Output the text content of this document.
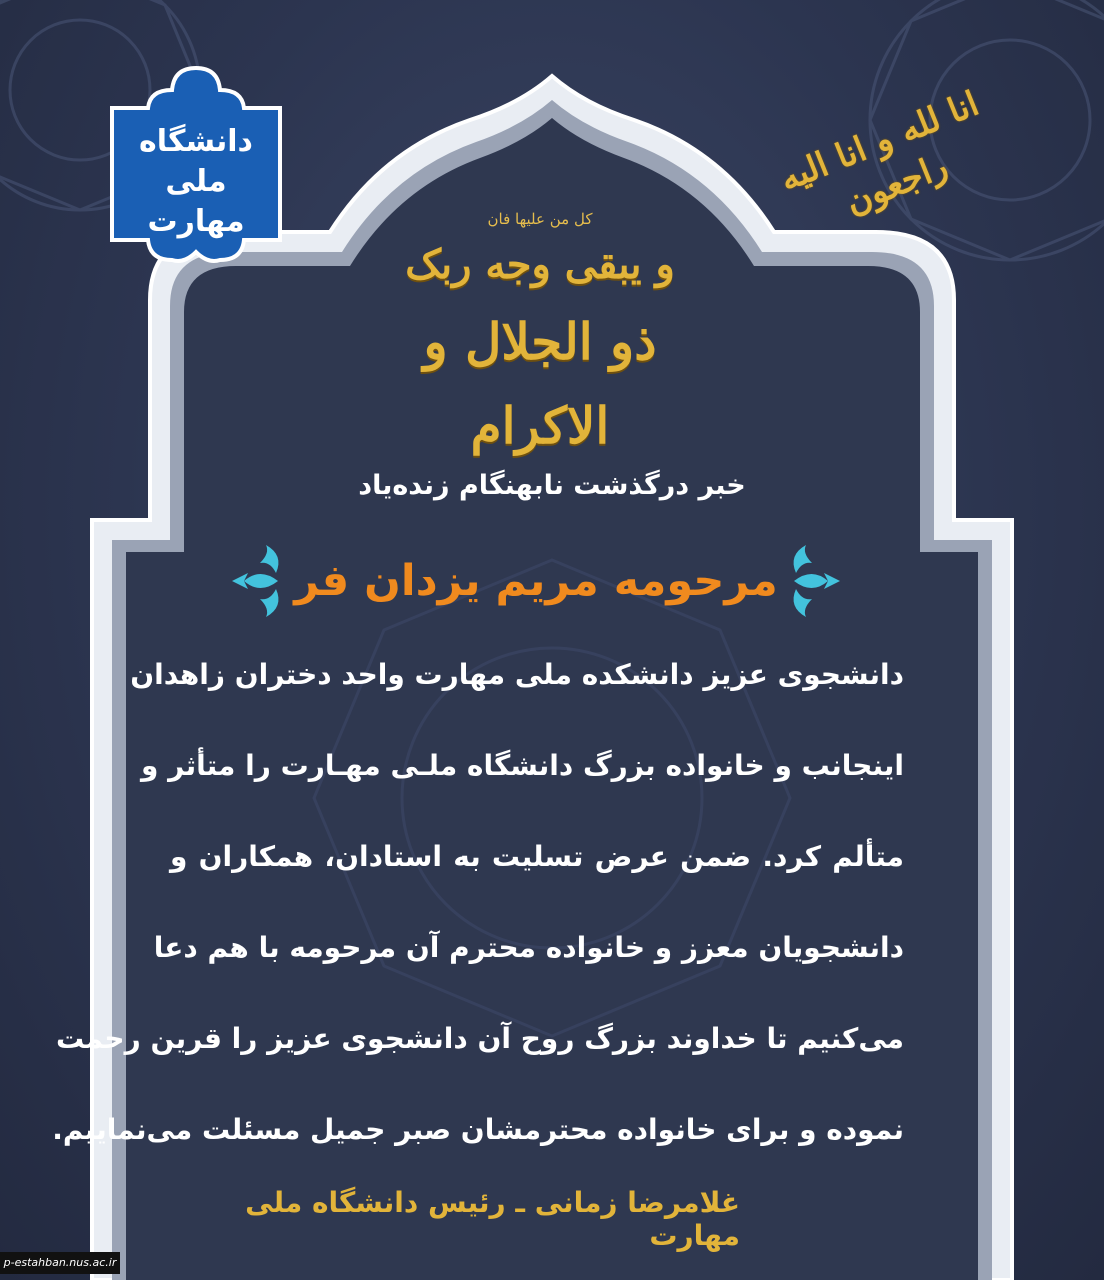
دانشگاه
ملی
مهارت
انا لله و انا الیه راجعون
کل من علیها فان
و یبقی وجه ربک
ذو الجلال و الاکرام
خبر درگذشت نابهنگام زنده‌یاد
مرحومه مریم یزدان فر
دانشجوی عزیز دانشکده ملی مهارت واحد دختران زاهدان
اینجانب و خانواده بزرگ دانشگاه ملـی مهـارت را متأثر و
متألم کرد. ضمن عرض تسلیت به استادان، همکاران و
دانشجویان معزز و خانواده محترم آن مرحومه با هم دعا
می‌کنیم تا خداوند بزرگ روح آن دانشجوی عزیز را قرین رحمت
نموده و برای خانواده محترمشان صبر جمیل مسئلت می‌نماییم.
غلامرضا زمانی ـ رئیس دانشگاه ملی مهارت
p-estahban.nus.ac.ir
